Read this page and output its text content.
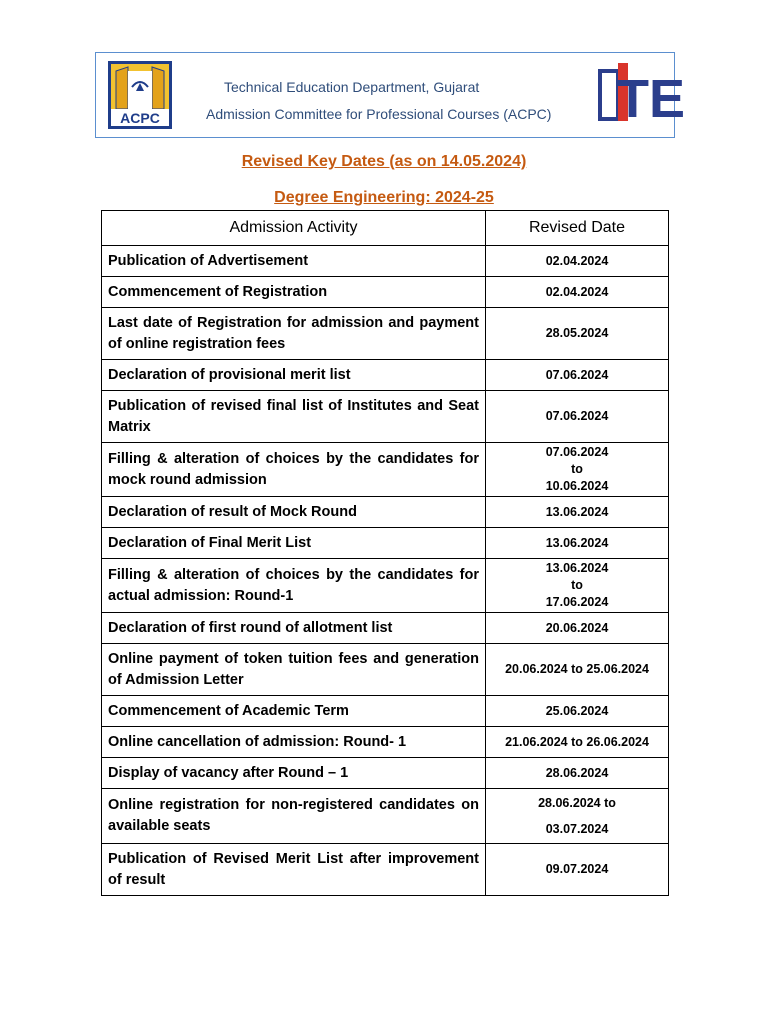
ACPC
Technical Education Department, Gujarat
Admission Committee for Professional Courses (ACPC) TE
Revised Key Dates (as on 14.05.2024)
Degree Engineering: 2024-25
Admission Activity	Revised Date
Publication of Advertisement	02.04.2024

Commencement of Registration	02.04.2024

Last date of Registration for admission and payment of online registration fees	28.05.2024

Declaration of provisional merit list	07.06.2024

Publication of revised final list of Institutes and Seat Matrix	07.06.2024

Filling & alteration of choices by the candidates for mock round admission	07.06.2024
to
10.06.2024

Declaration of result of Mock Round	13.06.2024

Declaration of Final Merit List	13.06.2024

Filling & alteration of choices by the candidates for actual admission: Round-1	13.06.2024
to
17.06.2024

Declaration of first round of allotment list	20.06.2024

Online payment of token tuition fees and generation of Admission Letter	20.06.2024 to 25.06.2024

Commencement of Academic Term	25.06.2024

Online cancellation of admission: Round- 1	21.06.2024 to 26.06.2024

Display of vacancy after Round – 1	28.06.2024

Online registration for non-registered candidates on available seats	28.06.2024 to
03.07.2024

Publication of Revised Merit List after improvement of result	09.07.2024
